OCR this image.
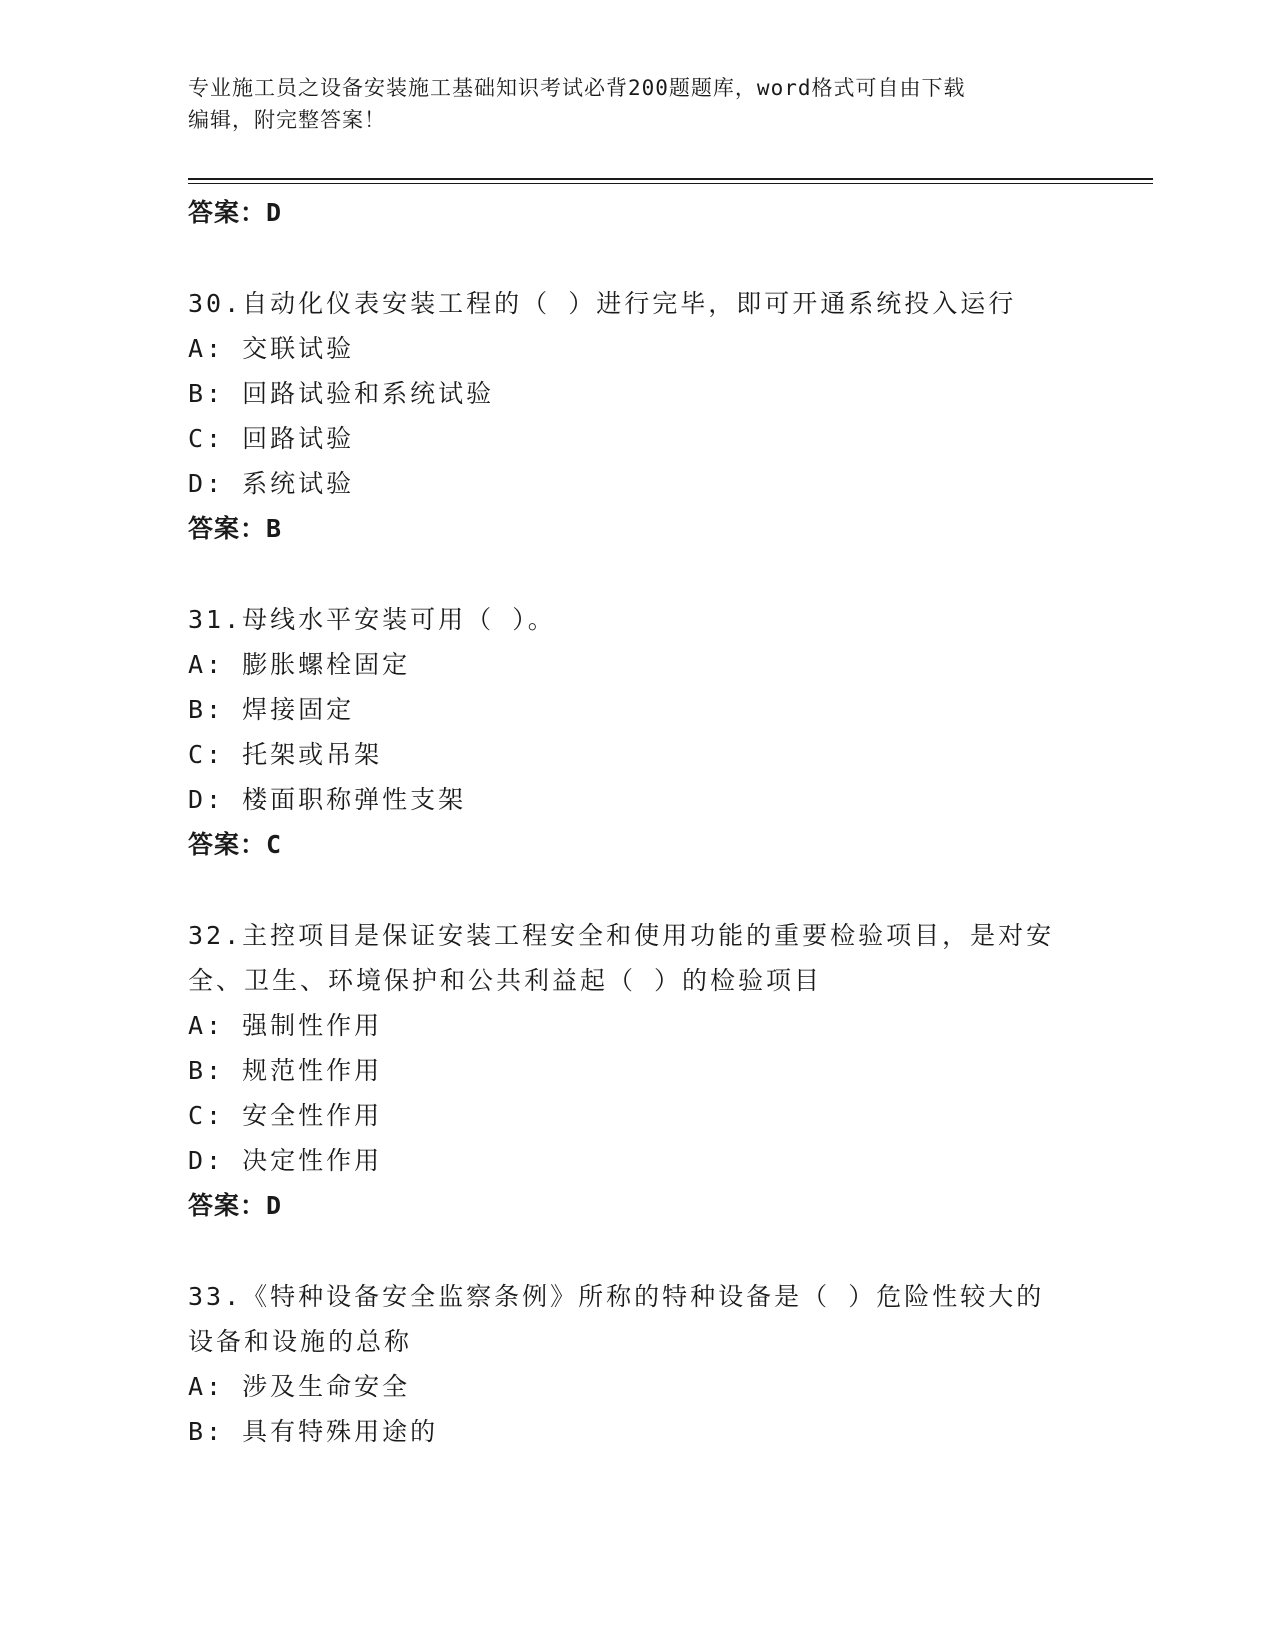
专业施工员之设备安装施工基础知识考试必背200题题库，word格式可自由下载
编辑，附完整答案！
答案：D
30.自动化仪表安装工程的（ ）进行完毕，即可开通系统投入运行
A: 交联试验
B: 回路试验和系统试验
C: 回路试验
D: 系统试验
答案：B
31.母线水平安装可用（ ）。
A: 膨胀螺栓固定
B: 焊接固定
C: 托架或吊架
D: 楼面职称弹性支架
答案：C
32.主控项目是保证安装工程安全和使用功能的重要检验项目，是对安
全、卫生、环境保护和公共利益起（ ）的检验项目
A: 强制性作用
B: 规范性作用
C: 安全性作用
D: 决定性作用
答案：D
33.《特种设备安全监察条例》所称的特种设备是（ ）危险性较大的
设备和设施的总称
A: 涉及生命安全
B: 具有特殊用途的
